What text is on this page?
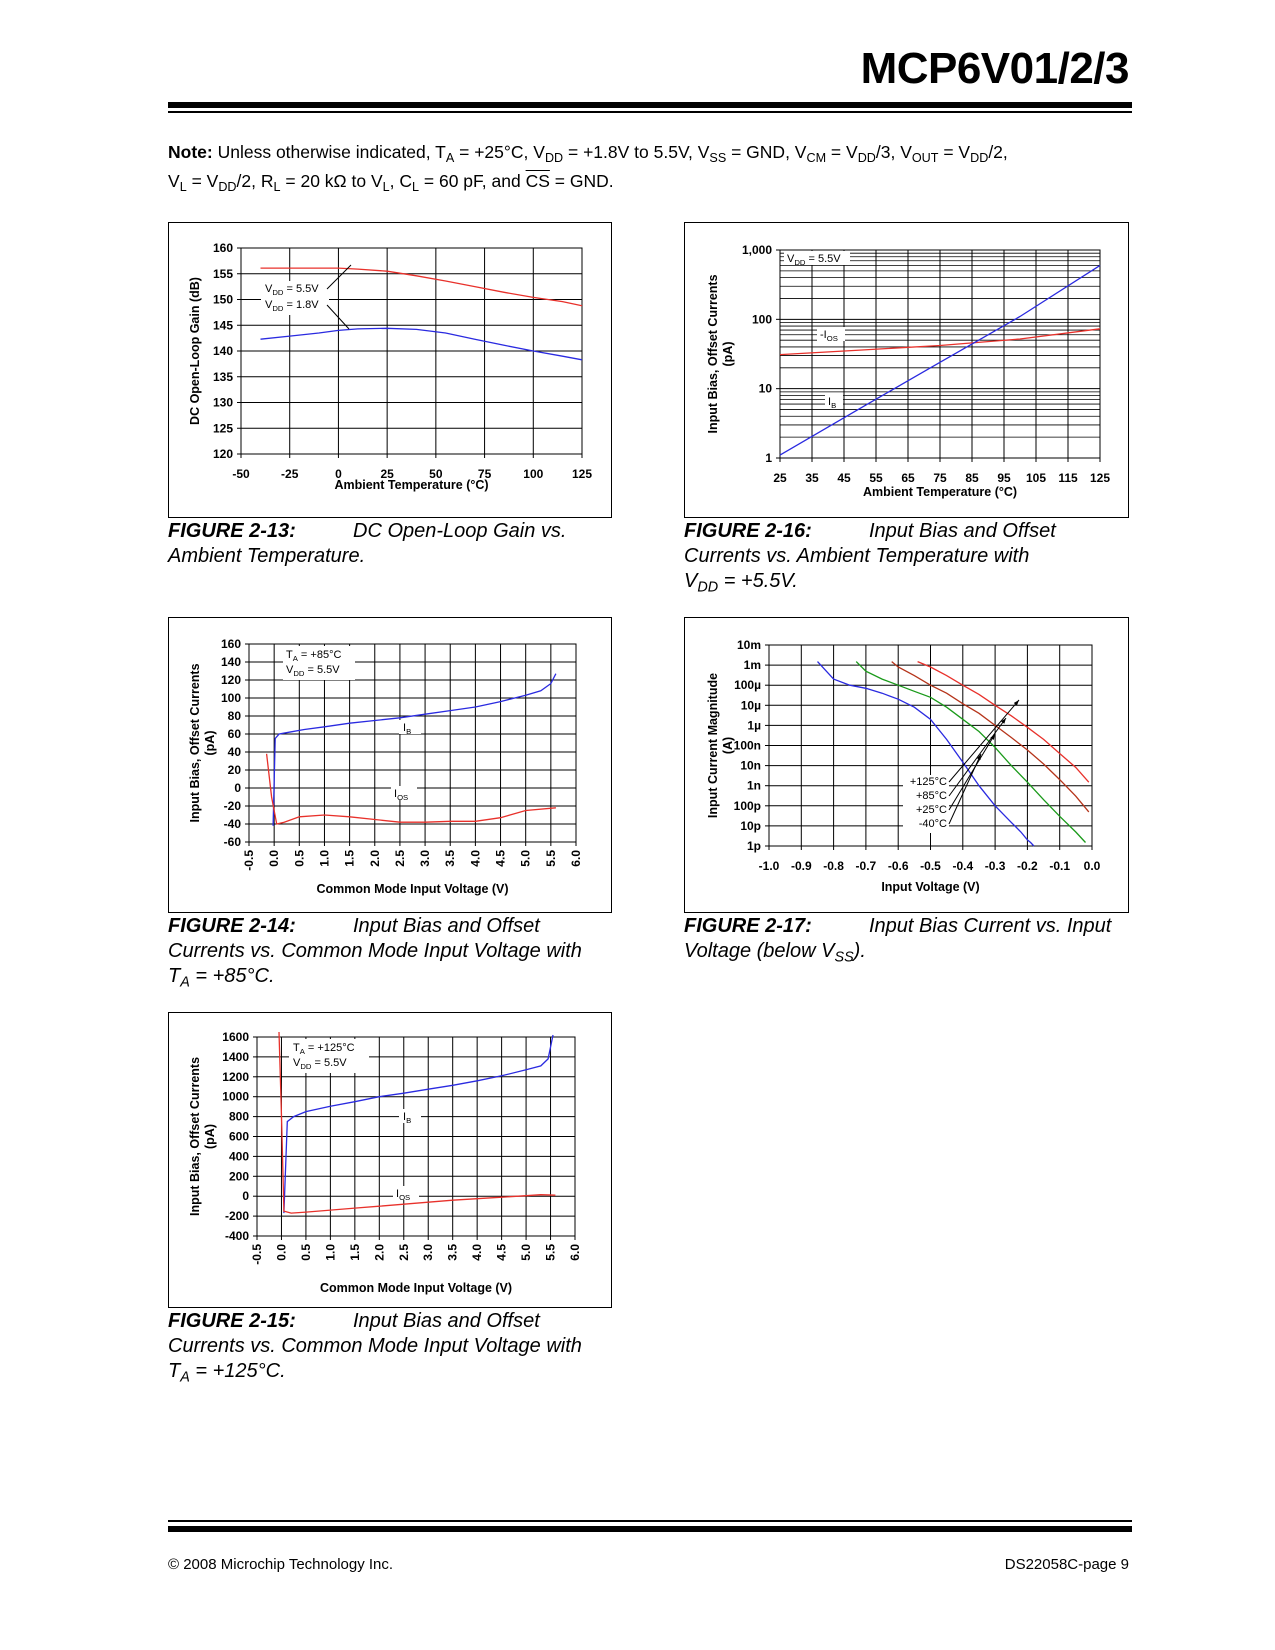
MCP6V01/2/3
Note: Unless otherwise indicated, $T_A = +25^\circ C$, $V_{DD} = +1.8V$ to 5.5V, $V_{SS}$ = GND, $V_{CM} = V_{DD}/3$, $V_{OUT} = V_{DD}/2$,
$V_L = V_{DD}/2$, $R_L = 20$ kΩ to $V_L$, $C_L = 60$ pF, and $\overline{CS}$ = GND.
-50	-25	0	25	50	75	100 125
120
125
130
135
140
145
150
155
160
$V_{DD} = 5.5V$
$V_{DD} = 1.8V$
Ambient Temperature (°C)
DC Open-Loop Gain (dB)
1
10
100
1,000
25 35 45 55 65 75 85 95 105 115 125
$V_{DD} = 5.5V$
$-I_{OS}$
$I_B$
Ambient Temperature (°C)
Input Bias, Offset Currents (pA)
-0.5 0.0 0.5 1.0 1.5 2.0 2.5 3.0 3.5 4.0 4.5 5.0 5.5 6.0
-60
-40
-20
0
20
40
60
80
100
120
140
160
$T_A = +85^\circ C$
$V_{DD} = 5.5V$
$I_B$
$I_{OS}$
Common Mode Input Voltage (V)
Input Bias, Offset Currents (pA)
1p
10p
100p
1n
10n
100n
1µ
10µ
100µ
1m
10m
-1.0 -0.9 -0.8 -0.7 -0.6 -0.5 -0.4 -0.3 -0.2 -0.1 0.0
+125°C
+85°C
+25°C
-40°C
Input Voltage (V)
Input Current Magnitude (A)
-0.5 0.0 0.5 1.0 1.5 2.0 2.5 3.0 3.5 4.0 4.5 5.0 5.5 6.0
-400
-200
0
200
400
600
800
1000
1200
1400
1600
$T_A = +125^\circ C$
$V_{DD} = 5.5V$
$I_B$
$I_{OS}$
Common Mode Input Voltage (V)
Input Bias, Offset Currents (pA)
FIGURE 2-13:	DC Open-Loop Gain vs.
Ambient Temperature.
FIGURE 2-16:	Input Bias and Offset
Currents vs. Ambient Temperature with
$V_{DD} = +5.5V$.
FIGURE 2-14:	Input Bias and Offset
Currents vs. Common Mode Input Voltage with
$T_A = +85^\circ C$.
FIGURE 2-17:	Input Bias Current vs. Input
Voltage (below $V_{SS}$).
FIGURE 2-15:	Input Bias and Offset
Currents vs. Common Mode Input Voltage with
$T_A = +125^\circ C$.
© 2008 Microchip Technology Inc.	DS22058C-page 9
